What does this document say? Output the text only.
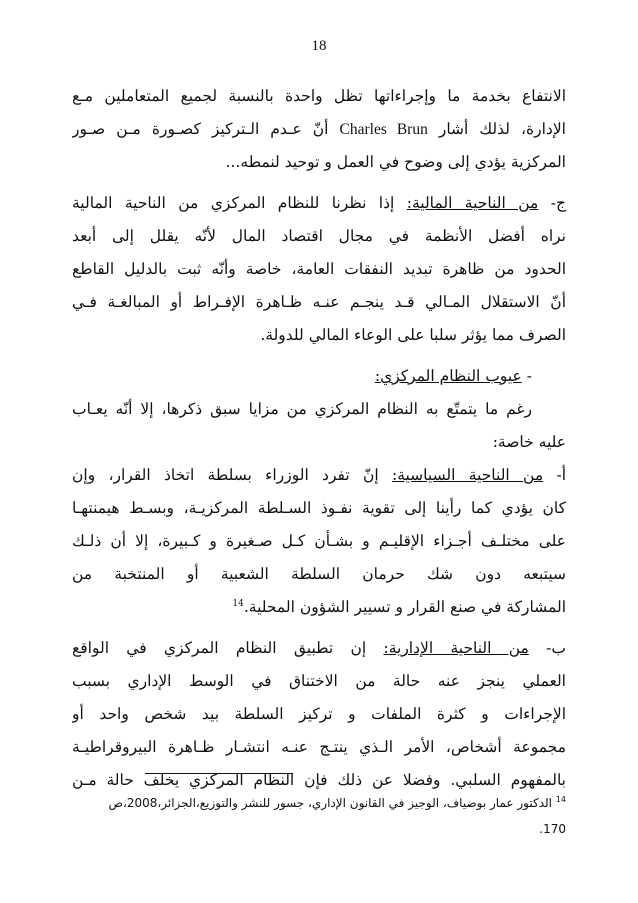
18
الانتفاع بخدمة ما وإجراءاتها تظل واحدة بالنسبة لجميع المتعاملين مـع
الإدارة، لذلك أشار Charles Brun أنّ عـدم الـتركيز كصـورة مـن صـور
المركزية يؤدي إلى وضوح في العمل و توحيد لنمطه...
ج- من الناحية المالية: إذا نظرنا للنظام المركزي من الناحية المالية
نراه أفضل الأنظمة في مجال اقتصاد المال لأنّه يقلل إلى أبعد
الحدود من ظاهرة تبديد النفقات العامة، خاصة وأنّه ثبت بالدليل القاطع
أنّ الاستقلال المـالي قـد ينجـم عنـه ظـاهرة الإفـراط أو المبالغـة فـي
الصرف مما يؤثر سلبا على الوعاء المالي للدولة.
- عيوب النظام المركزي:
رغم ما يتمتّع به النظام المركزي من مزايا سبق ذكرها، إلا أنّه يعـاب
عليه خاصة:
أ- من الناحية السياسية: إنّ تفرد الوزراء بسلطة اتخاذ القرار، وإن
كان يؤدي كما رأينا إلى تقوية نفـوذ السـلطة المركزيـة، وبسـط هيمنتهـا
على مختلـف أجـزاء الإقليـم و بشـأن كـل صـغيرة و كـبيرة، إلا أن ذلـك
سيتبعه دون شك حرمان السلطة الشعبية أو المنتخبة من
المشاركة في صنع القرار و تسيير الشؤون المحلية.$^{14}$
ب- من الناحية الإدارية: إن تطبيق النظام المركزي في الواقع
العملي ينجز عنه حالة من الاختناق في الوسط الإداري بسبب
الإجراءات و كثرة الملفات و تركيز السلطة بيد شخص واحد أو
مجموعة أشخاص، الأمر الـذي ينتـج عنـه انتشـار ظـاهرة البيروقراطيـة
بالمفهوم السلبي. وفضلا عن ذلك فإن النظام المركزي يخلف حالة مـن
$^{14}$ الدكتور عمار بوضياف، الوجيز في القانون الإداري، جسور للنشر والتوزيع،الجزائر،2008،ص
170.
